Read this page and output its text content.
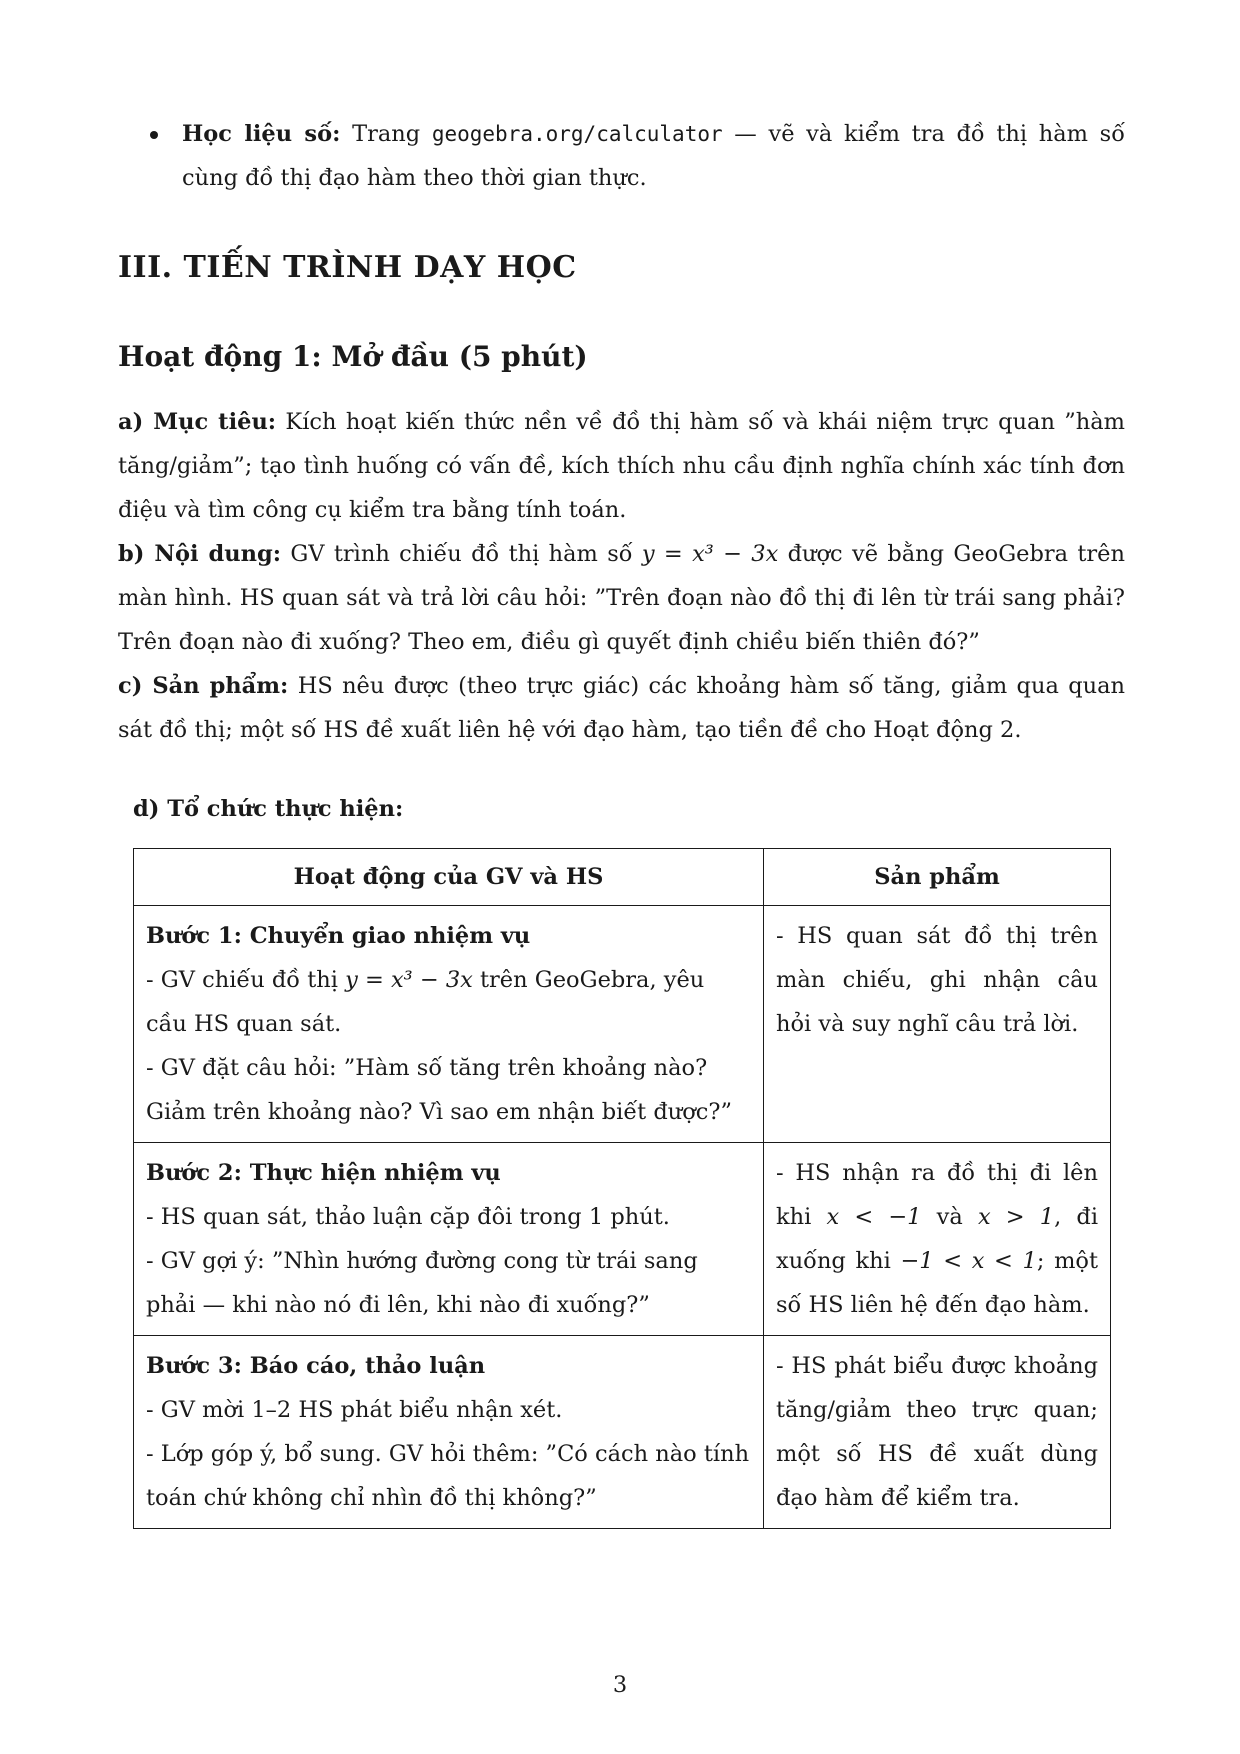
Học liệu số: Trang geogebra.org/calculator — vẽ và kiểm tra đồ thị hàm số cùng đồ thị đạo hàm theo thời gian thực.
III. TIẾN TRÌNH DẠY HỌC
Hoạt động 1: Mở đầu (5 phút)

a) Mục tiêu: Kích hoạt kiến thức nền về đồ thị hàm số và khái niệm trực quan ”hàm tăng/giảm”; tạo tình huống có vấn đề, kích thích nhu cầu định nghĩa chính xác tính đơn điệu và tìm công cụ kiểm tra bằng tính toán.

b) Nội dung: GV trình chiếu đồ thị hàm số y = x³ − 3x được vẽ bằng GeoGebra trên màn hình. HS quan sát và trả lời câu hỏi: ”Trên đoạn nào đồ thị đi lên từ trái sang phải? Trên đoạn nào đi xuống? Theo em, điều gì quyết định chiều biến thiên đó?”

c) Sản phẩm: HS nêu được (theo trực giác) các khoảng hàm số tăng, giảm qua quan sát đồ thị; một số HS đề xuất liên hệ với đạo hàm, tạo tiền đề cho Hoạt động 2.

d) Tổ chức thực hiện:
Hoạt động của GV và HS	Sản phẩm

Bước 1: Chuyển giao nhiệm vụ
- GV chiếu đồ thị y = x³ − 3x trên GeoGebra, yêu cầu HS quan sát.
- GV đặt câu hỏi: ”Hàm số tăng trên khoảng nào? Giảm trên khoảng nào? Vì sao em nhận biết được?”	- HS quan sát đồ thị trên màn chiếu, ghi nhận câu hỏi và suy nghĩ câu trả lời.

Bước 2: Thực hiện nhiệm vụ
- HS quan sát, thảo luận cặp đôi trong 1 phút.
- GV gợi ý: ”Nhìn hướng đường cong từ trái sang phải — khi nào nó đi lên, khi nào đi xuống?”	- HS nhận ra đồ thị đi lên khi x < −1 và x > 1, đi xuống khi −1 < x < 1; một số HS liên hệ đến đạo hàm.

Bước 3: Báo cáo, thảo luận
- GV mời 1–2 HS phát biểu nhận xét.
- Lớp góp ý, bổ sung. GV hỏi thêm: ”Có cách nào tính toán chứ không chỉ nhìn đồ thị không?”	- HS phát biểu được khoảng tăng/giảm theo trực quan; một số HS đề xuất dùng đạo hàm để kiểm tra.
3
